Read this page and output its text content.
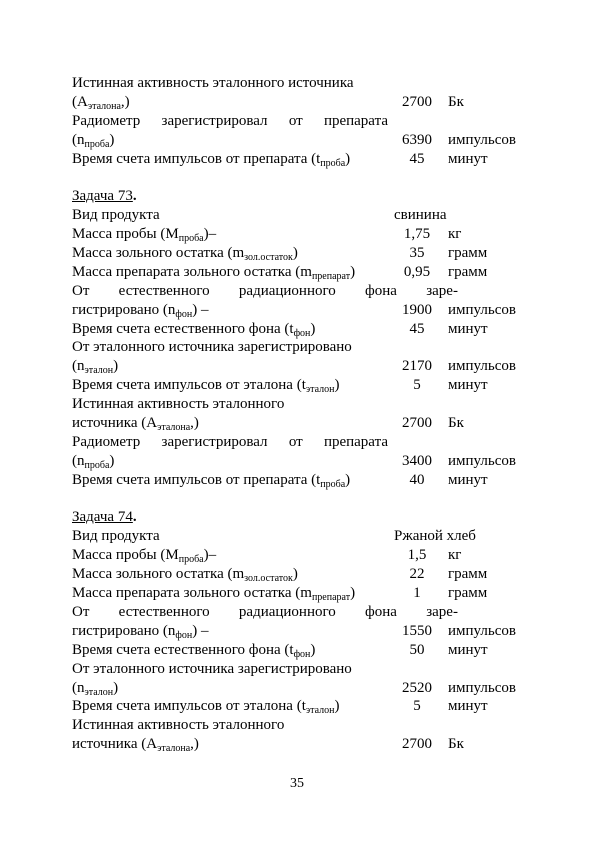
Истинная активность эталонного источника
$(A_{эталона},)$	2700	Бк
Радиометр зарегистрировал от препарата
$(n_{проба})$	6390	импульсов
Время счета импульсов от препарата $(t_{проба})$	45	минут
Задача 73.
Вид продукта	свинина
Масса пробы $(M_{проба})-$	1,75	кг
Масса зольного остатка $(m_{зол.остаток})$	35	грамм
Масса препарата зольного остатка $(m_{препарат})$	0,95	грамм
От естественного радиационного фона заре-
гистрировано $(n_{фон})$ –	1900	импульсов
Время счета естественного фона $(t_{фон})$	45	минут
От эталонного источника зарегистрировано
$(n_{эталон})$	2170	импульсов
Время счета импульсов от эталона $(t_{эталон})$	5	минут
Истинная активность эталонного
источника $(A_{эталона},)$	2700	Бк
Радиометр зарегистрировал от препарата
$(n_{проба})$	3400	импульсов
Время счета импульсов от препарата $(t_{проба})$	40	минут
Задача 74.
Вид продукта	Ржаной хлеб
Масса пробы $(M_{проба})-$	1,5	кг
Масса зольного остатка $(m_{зол.остаток})$	22	грамм
Масса препарата зольного остатка $(m_{препарат})$	1	грамм
От естественного радиационного фона заре-
гистрировано $(n_{фон})$ –	1550	импульсов
Время счета естественного фона $(t_{фон})$	50	минут
От эталонного источника зарегистрировано
$(n_{эталон})$	2520	импульсов
Время счета импульсов от эталона $(t_{эталон})$	5	минут
Истинная активность эталонного
источника $(A_{эталона},)$	2700	Бк
35
